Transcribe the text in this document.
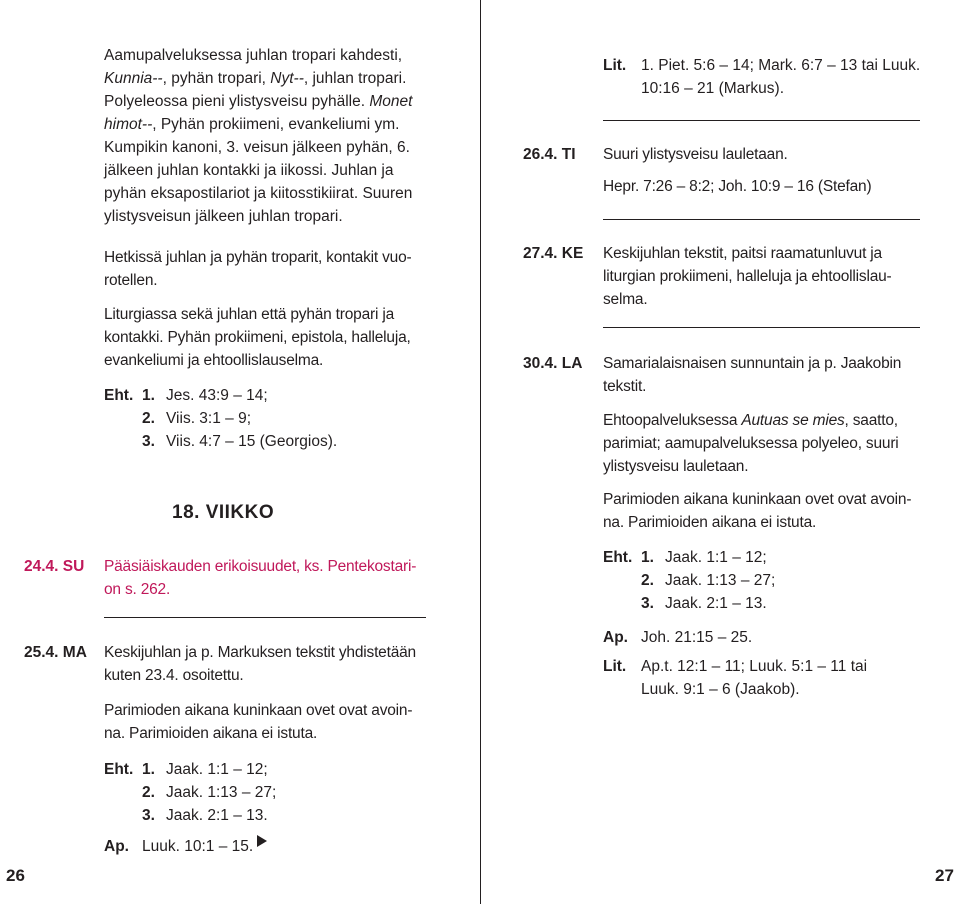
Aamupalveluksessa juhlan tropari kahdesti,
Kunnia--, pyhän tropari, Nyt--, juhlan tropari.
Polyeleossa pieni ylistysveisu pyhälle. Monet
himot--, Pyhän prokiimeni, evankeliumi ym.
Kumpikin kanoni, 3. veisun jälkeen pyhän, 6.
jälkeen juhlan kontakki ja iikossi. Juhlan ja
pyhän eksapostilariot ja kiitosstikiirat. Suuren
ylistysveisun jälkeen juhlan tropari.
Hetkissä juhlan ja pyhän troparit, kontakit vuo-
rotellen.
Liturgiassa sekä juhlan että pyhän tropari ja
kontakki. Pyhän prokiimeni, epistola, halleluja,
evankeliumi ja ehtoollislauselma.
Eht. 1. Jes. 43:9 – 14;
2. Viis. 3:1 – 9;
3. Viis. 4:7 – 15 (Georgios).
18. VIIKKO
24.4. SU Pääsiäiskauden erikoisuudet, ks. Pentekostari-
on s. 262.
25.4. MA Keskijuhlan ja p. Markuksen tekstit yhdistetään
kuten 23.4. osoitettu.
Parimioden aikana kuninkaan ovet ovat avoin-
na. Parimioiden aikana ei istuta.
Eht. 1. Jaak. 1:1 – 12;
2. Jaak. 1:13 – 27;
3. Jaak. 2:1 – 13.
Ap. Luuk. 10:1 – 15.
26
Lit. 1. Piet. 5:6 – 14; Mark. 6:7 – 13 tai Luuk.
10:16 – 21 (Markus).
26.4. TI Suuri ylistysveisu lauletaan.
Hepr. 7:26 – 8:2; Joh. 10:9 – 16 (Stefan)
27.4. KE Keskijuhlan tekstit, paitsi raamatunluvut ja
liturgian prokiimeni, halleluja ja ehtoollislau-
selma.
30.4. LA Samarialaisnaisen sunnuntain ja p. Jaakobin
tekstit.
Ehtoopalveluksessa Autuas se mies, saatto,
parimiat; aamupalveluksessa polyeleo, suuri
ylistysveisu lauletaan.
Parimioden aikana kuninkaan ovet ovat avoin-
na. Parimioiden aikana ei istuta.
Eht. 1. Jaak. 1:1 – 12;
2. Jaak. 1:13 – 27;
3. Jaak. 2:1 – 13.
Ap. Joh. 21:15 – 25.
Lit. Ap.t. 12:1 – 11; Luuk. 5:1 – 11 tai
Luuk. 9:1 – 6 (Jaakob).
27
